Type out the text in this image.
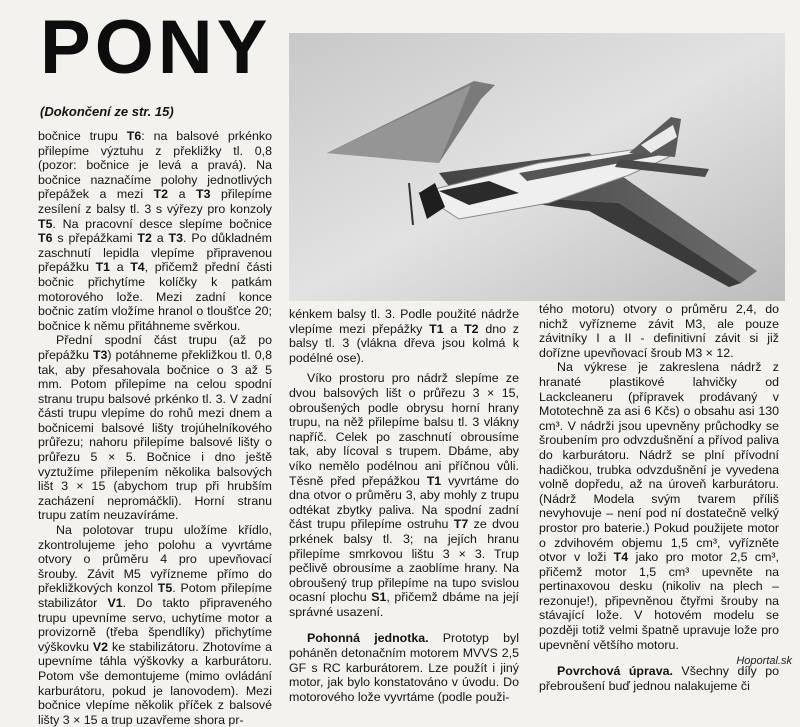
PONY
(Dokončení ze str. 15)

bočnice trupu T6: na balsové prkénko přilepíme výztuhu z překližky tl. 0,8 (pozor: bočnice je levá a pravá). Na bočnice naznačíme polohy jednotlivých přepážek a mezi T2 a T3 přilepíme zesílení z balsy tl. 3 s výřezy pro konzoly T5. Na pracovní desce slepíme bočnice T6 s přepážkami T2 a T3. Po důkladném zaschnutí lepidla vlepíme připravenou přepážku T1 a T4, přičemž přední části bočnic přichytíme kolíčky k patkám motorového lože. Mezi zadní konce bočnic zatím vložíme hranol o tloušťce 20; bočnice k němu přitáhneme svěrkou.

Přední spodní část trupu (až po přepážku T3) potáhneme překližkou tl. 0,8 tak, aby přesahovala bočnice o 3 až 5 mm. Potom přilepíme na celou spodní stranu trupu balsové prkénko tl. 3. V zadní části trupu vlepíme do rohů mezi dnem a bočnicemi balsové lišty trojúhelníkového průřezu; nahoru přilepíme balsové lišty o průřezu 5 × 5. Bočnice i dno ještě vyztužíme přilepením několika balsových lišt 3 × 15 (abychom trup při hrubším zacházení nepromáčkli). Horní stranu trupu zatím neuzavíráme.

Na polotovar trupu uložíme křídlo, zkontrolujeme jeho polohu a vyvrtáme otvory o průměru 4 pro upevňovací šrouby. Závit M5 vyřízneme přímo do překližkových konzol T5. Potom přilepíme stabilizátor V1. Do takto připraveného trupu upevníme servo, uchytíme motor a provizorně (třeba špendlíky) přichytíme výškovku V2 ke stabilizátoru. Zhotovíme a upevníme táhla výškovky a karburátoru. Potom vše demontujeme (mimo ovládání karburátoru, pokud je lanovodem). Mezi bočnice vlepíme několik příček z balsové lišty 3 × 15 a trup uzavřeme shora pr-

kénkem balsy tl. 3. Podle použité nádrže vlepíme mezi přepážky T1 a T2 dno z balsy tl. 3 (vlákna dřeva jsou kolmá k podélné ose).

Víko prostoru pro nádrž slepíme ze dvou balsových lišt o průřezu 3 × 15, obroušených podle obrysu horní hrany trupu, na něž přilepíme balsu tl. 3 vlákny napříč. Celek po zaschnutí obrousíme tak, aby lícoval s trupem. Dbáme, aby víko nemělo podélnou ani příčnou vůli. Těsně před přepážkou T1 vyvrtáme do dna otvor o průměru 3, aby mohly z trupu odtékat zbytky paliva. Na spodní zadní část trupu přilepíme ostruhu T7 ze dvou prkének balsy tl. 3; na jejích hranu přilepíme smrkovou lištu 3 × 3. Trup pečlivě obrousíme a zaoblíme hrany. Na obroušený trup přilepíme na tupo svislou ocasní plochu S1, přičemž dbáme na její správné usazení.

Pohonná jednotka. Prototyp byl poháněn detonačním motorem MVVS 2,5 GF s RC karburátorem. Lze použít i jiný motor, jak bylo konstatováno v úvodu. Do motorového lože vyvrtáme (podle použi-

tého motoru) otvory o průměru 2,4, do nichž vyřízneme závit M3, ale pouze závitníky I a II - definitivní závit si již dořízne upevňovací šroub M3 × 12.

Na výkrese je zakreslena nádrž z hranaté plastikové lahvičky od Lackcleaneru (přípravek prodávaný v Mototechně za asi 6 Kčs) o obsahu asi 130 cm³. V nádrži jsou upevněny průchodky se šroubením pro odvzdušnění a přívod paliva do karburátoru. Nádrž se plní přívodní hadičkou, trubka odvzdušnění je vyvedena volně dopředu, až na úroveň karburátoru. (Nádrž Modela svým tvarem příliš nevyhovuje – není pod ní dostatečně velký prostor pro baterie.) Pokud použijete motor o zdvihovém objemu 1,5 cm³, vyřízněte otvor v loži T4 jako pro motor 2,5 cm³, přičemž motor 1,5 cm³ upevněte na pertinaxovou desku (nikoliv na plech – rezonuje!), připevněnou čtyřmi šrouby na stávající lože. V hotovém modelu se později totiž velmi špatně upravuje lože pro upevnění většího motoru.

Povrchová úprava. Všechny díly po přebroušení buď jednou nalakujeme či

Hoportal.sk
